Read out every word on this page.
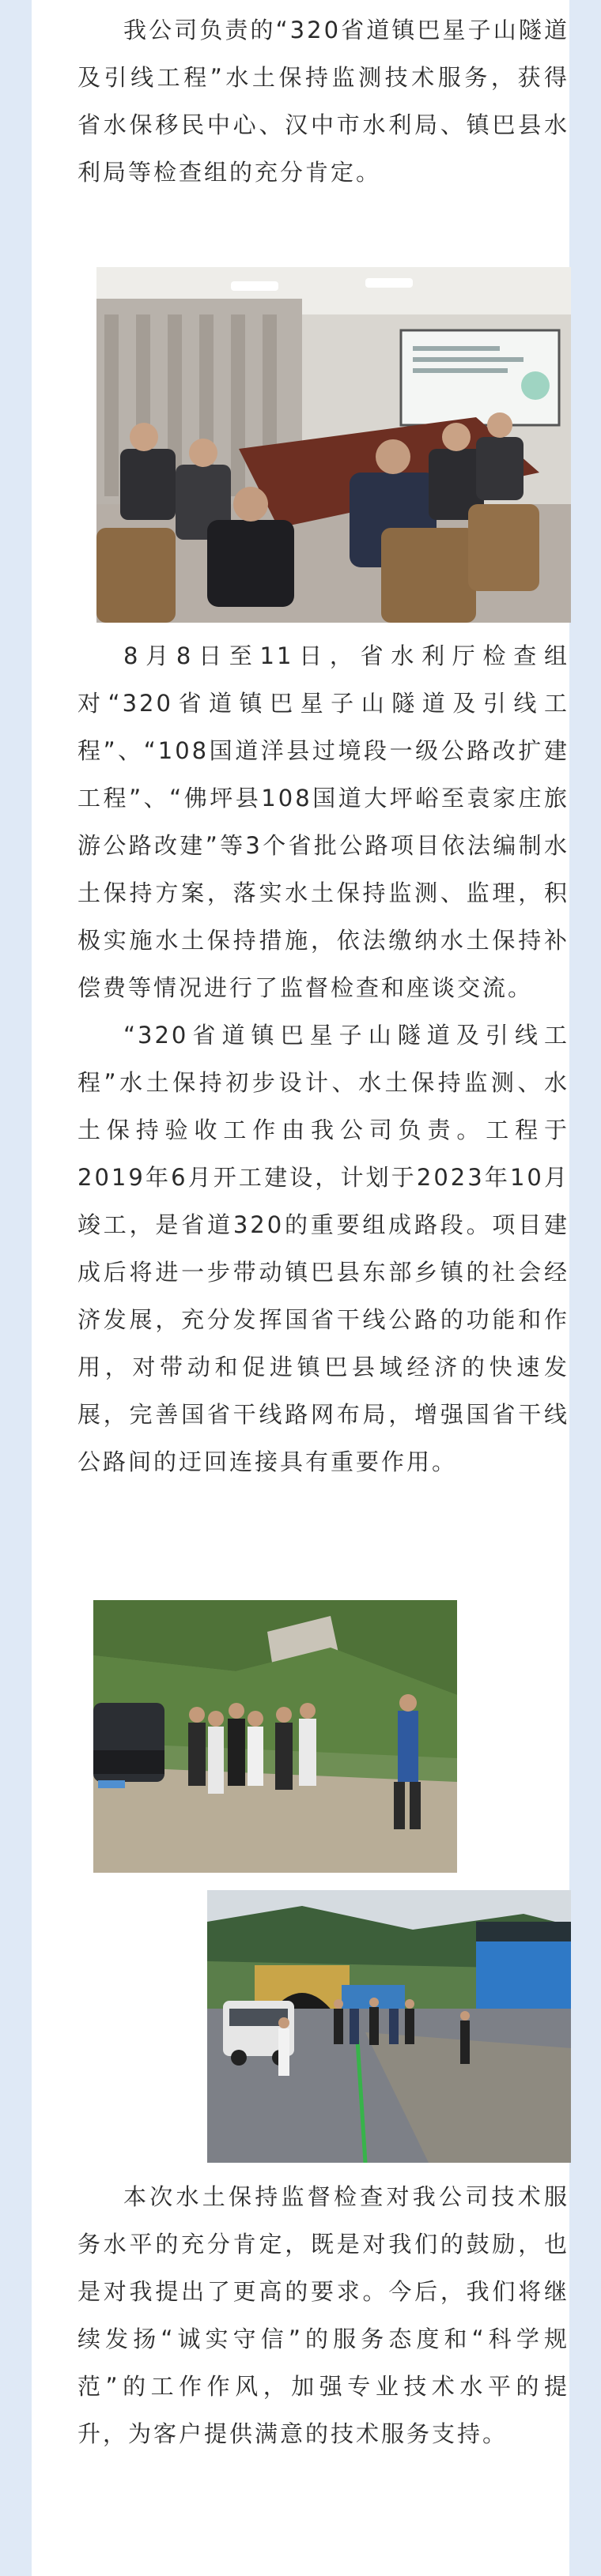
我公司负责的“320省道镇巴星子山隧道及引线工程”水土保持监测技术服务，获得省水保移民中心、汉中市水利局、镇巴县水利局等检查组的充分肯定。

8月8日至11日，省水利厅检查组对“320省道镇巴星子山隧道及引线工程”、“108国道洋县过境段一级公路改扩建工程”、“佛坪县108国道大坪峪至袁家庄旅游公路改建”等3个省批公路项目依法编制水土保持方案，落实水土保持监测、监理，积极实施水土保持措施，依法缴纳水土保持补偿费等情况进行了监督检查和座谈交流。

“320省道镇巴星子山隧道及引线工程”水土保持初步设计、水土保持监测、水土保持验收工作由我公司负责。工程于2019年6月开工建设，计划于2023年10月竣工，是省道320的重要组成路段。项目建成后将进一步带动镇巴县东部乡镇的社会经济发展，充分发挥国省干线公路的功能和作用，对带动和促进镇巴县域经济的快速发展，完善国省干线路网布局，增强国省干线公路间的迂回连接具有重要作用。

本次水土保持监督检查对我公司技术服务水平的充分肯定，既是对我们的鼓励，也是对我提出了更高的要求。今后，我们将继续发扬“诚实守信”的服务态度和“科学规范”的工作作风，加强专业技术水平的提升，为客户提供满意的技术服务支持。
